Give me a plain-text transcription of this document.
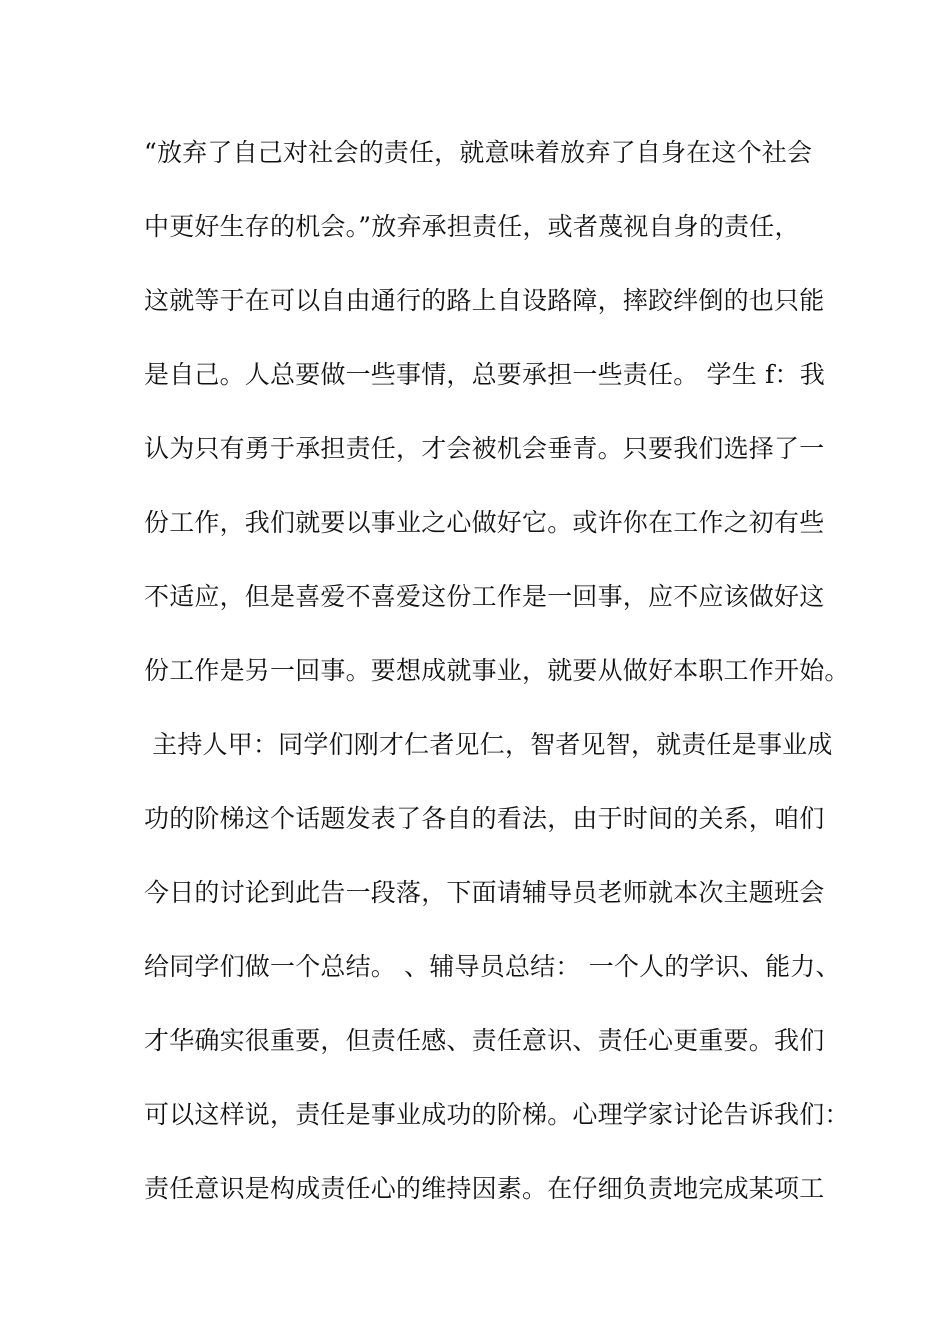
“放弃了自己对社会的责任，就意味着放弃了自身在这个社会
中更好生存的机会。”放弃承担责任，或者蔑视自身的责任，
这就等于在可以自由通行的路上自设路障，摔跤绊倒的也只能
是自己。人总要做一些事情，总要承担一些责任。 学生 f：我
认为只有勇于承担责任，才会被机会垂青。只要我们选择了一
份工作，我们就要以事业之心做好它。或许你在工作之初有些
不适应，但是喜爱不喜爱这份工作是一回事，应不应该做好这
份工作是另一回事。要想成就事业，就要从做好本职工作开始。
主持人甲：同学们刚才仁者见仁，智者见智，就责任是事业成
功的阶梯这个话题发表了各自的看法，由于时间的关系，咱们
今日的讨论到此告一段落，下面请辅导员老师就本次主题班会
给同学们做一个总结。 、辅导员总结： 一个人的学识、能力、
才华确实很重要，但责任感、责任意识、责任心更重要。我们
可以这样说，责任是事业成功的阶梯。心理学家讨论告诉我们：
责任意识是构成责任心的维持因素。在仔细负责地完成某项工
